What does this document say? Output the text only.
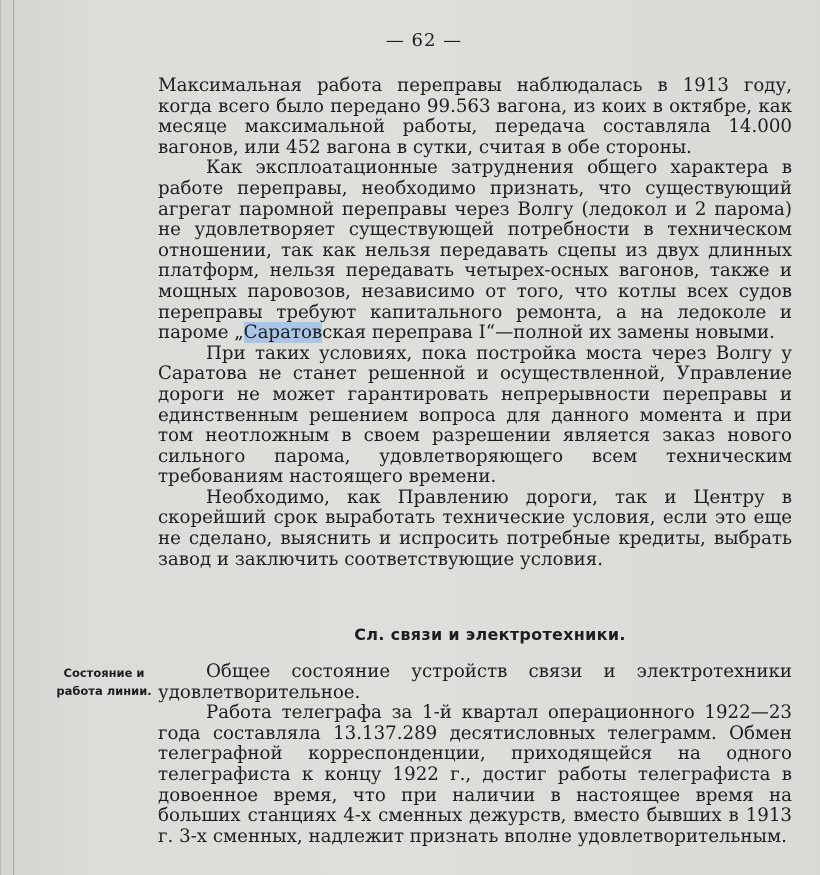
— 62 —

Максимальная работа переправы наблюдалась в 1913 году, когда всего было передано 99.563 вагона, из коих в октябре, как месяце максимальной работы, передача составляла 14.000 вагонов, или 452 вагона в сутки, считая в обе стороны.

Как эксплоатационные затруднения общего характера в работе переправы, необходимо признать, что существующий агрегат паромной переправы через Волгу (ледокол и 2 парома) не удовлетворяет существующей потребности в техническом отношении, так как нельзя передавать сцепы из двух длинных платформ, нельзя передавать четырех-осных вагонов, также и мощных паровозов, независимо от того, что котлы всех судов переправы требуют капитального ремонта, а на ледоколе и пароме „Саратовская переправа I“—полной их замены новыми.

При таких условиях, пока постройка моста через Волгу у Саратова не станет решенной и осуществленной, Управление дороги не может гарантировать непрерывности переправы и единственным решением вопроса для данного момента и при том неотложным в своем разрешении является заказ нового сильного парома, удовлетворяющего всем техническим требованиям настоящего времени.

Необходимо, как Правлению дороги, так и Центру в скорейший срок выработать технические условия, если это еще не сделано, выяснить и испросить потребные кредиты, выбрать завод и заключить соответствующие условия.

Сл. связи и электротехники.
Состояние и работа линии.

Общее состояние устройств связи и электротехники удовлетворительное.

Работа телеграфа за 1-й квартал операционного 1922—23 года составляла 13.137.289 десятисловных телеграмм. Обмен телеграфной корреспонденции, приходящейся на одного телеграфиста к концу 1922 г., достиг работы телеграфиста в довоенное время, что при наличии в настоящее время на больших станциях 4-х сменных дежурств, вместо бывших в 1913 г. 3-х сменных, надлежит признать вполне удовлетворительным.
